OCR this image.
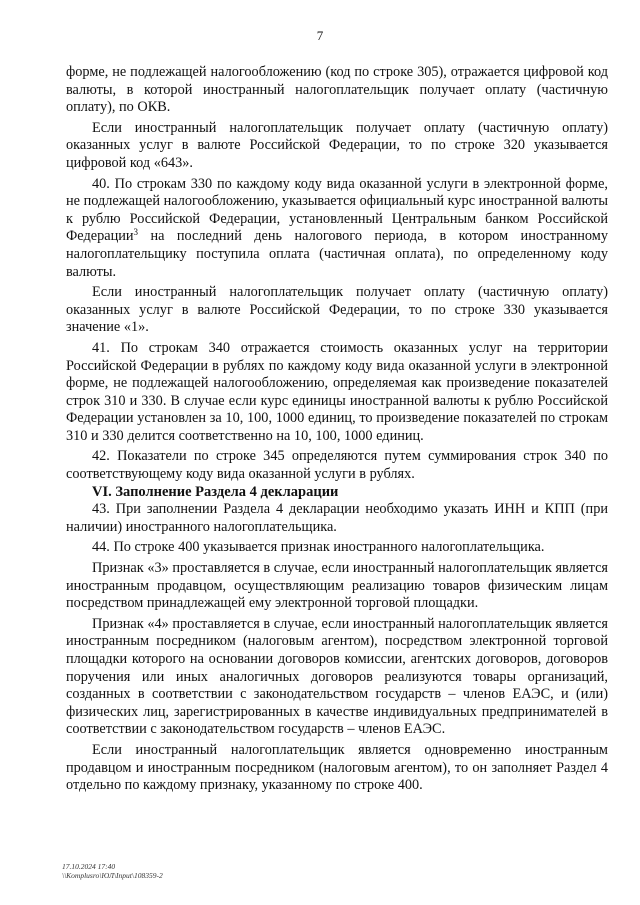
7

форме, не подлежащей налогообложению (код по строке 305), отражается цифровой код валюты, в которой иностранный налогоплательщик получает оплату (частичную оплату), по ОКВ.

Если иностранный налогоплательщик получает оплату (частичную оплату) оказанных услуг в валюте Российской Федерации, то по строке 320 указывается цифровой код «643».

40. По строкам 330 по каждому коду вида оказанной услуги в электронной форме, не подлежащей налогообложению, указывается официальный курс иностранной валюты к рублю Российской Федерации, установленный Центральным банком Российской Федерации$^3$ на последний день налогового периода, в котором иностранному налогоплательщику поступила оплата (частичная оплата), по определенному коду валюты.

Если иностранный налогоплательщик получает оплату (частичную оплату) оказанных услуг в валюте Российской Федерации, то по строке 330 указывается значение «1».

41. По строкам 340 отражается стоимость оказанных услуг на территории Российской Федерации в рублях по каждому коду вида оказанной услуги в электронной форме, не подлежащей налогообложению, определяемая как произведение показателей строк 310 и 330. В случае если курс единицы иностранной валюты к рублю Российской Федерации установлен за 10, 100, 1000 единиц, то произведение показателей по строкам 310 и 330 делится соответственно на 10, 100, 1000 единиц.

42. Показатели по строке 345 определяются путем суммирования строк 340 по соответствующему коду вида оказанной услуги в рублях.

VI. Заполнение Раздела 4 декларации

43. При заполнении Раздела 4 декларации необходимо указать ИНН и КПП (при наличии) иностранного налогоплательщика.

44. По строке 400 указывается признак иностранного налогоплательщика.

Признак «3» проставляется в случае, если иностранный налогоплательщик является иностранным продавцом, осуществляющим реализацию товаров физическим лицам посредством принадлежащей ему электронной торговой площадки.

Признак «4» проставляется в случае, если иностранный налогоплательщик является иностранным посредником (налоговым агентом), посредством электронной торговой площадки которого на основании договоров комиссии, агентских договоров, договоров поручения или иных аналогичных договоров реализуются товары организаций, созданных в соответствии с законодательством государств – членов ЕАЭС, и (или) физических лиц, зарегистрированных в качестве индивидуальных предпринимателей в соответствии с законодательством государств – членов ЕАЭС.

Если иностранный налогоплательщик является одновременно иностранным продавцом и иностранным посредником (налоговым агентом), то он заполняет Раздел 4 отдельно по каждому признаку, указанному по строке 400.

17.10.2024 17:40
\\Komplusro\ЮЛ\Input\108359-2
